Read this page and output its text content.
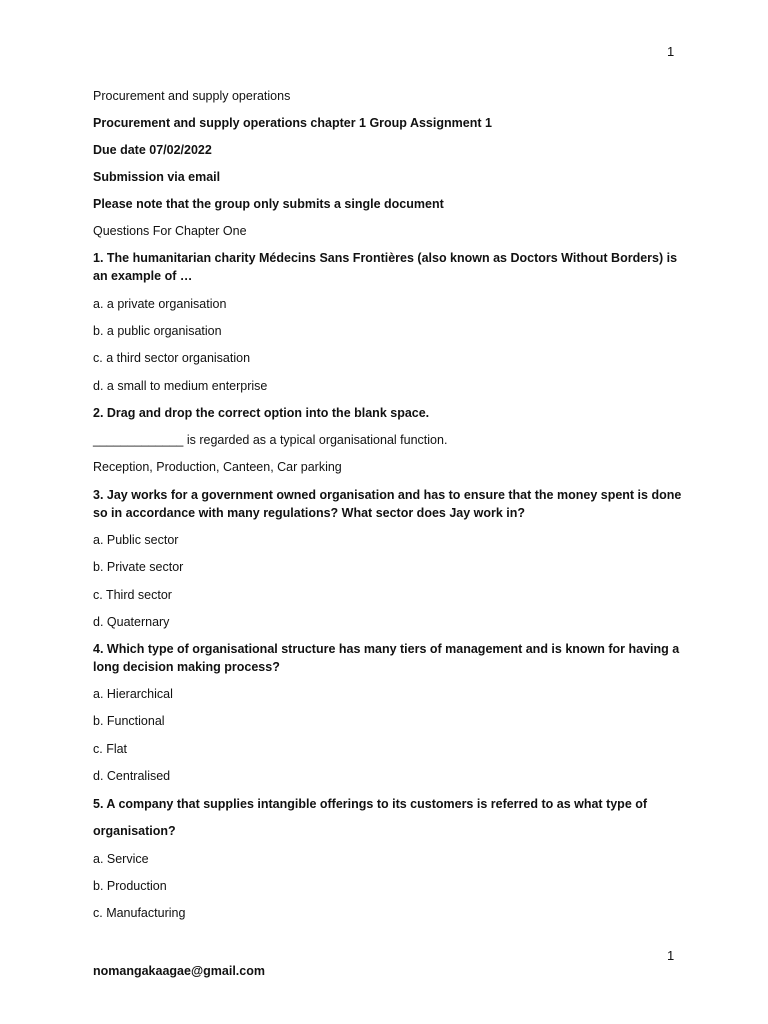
1
Procurement and supply operations
Procurement and supply operations chapter 1 Group Assignment 1
Due date 07/02/2022
Submission via email
Please note that the group only submits a single document
Questions For Chapter One
1. The humanitarian charity Médecins Sans Frontières (also known as Doctors Without Borders) is an example of …
a. a private organisation
b. a public organisation
c. a third sector organisation
d. a small to medium enterprise
2. Drag and drop the correct option into the blank space.
_____________ is regarded as a typical organisational function.
Reception, Production, Canteen, Car parking
3. Jay works for a government owned organisation and has to ensure that the money spent is done so in accordance with many regulations? What sector does Jay work in?
a. Public sector
b. Private sector
c. Third sector
d. Quaternary
4. Which type of organisational structure has many tiers of management and is known for having a long decision making process?
a. Hierarchical
b. Functional
c. Flat
d. Centralised
5. A company that supplies intangible offerings to its customers is referred to as what type of
organisation?
a. Service
b. Production
c. Manufacturing
1
nomangakaagae@gmail.com
